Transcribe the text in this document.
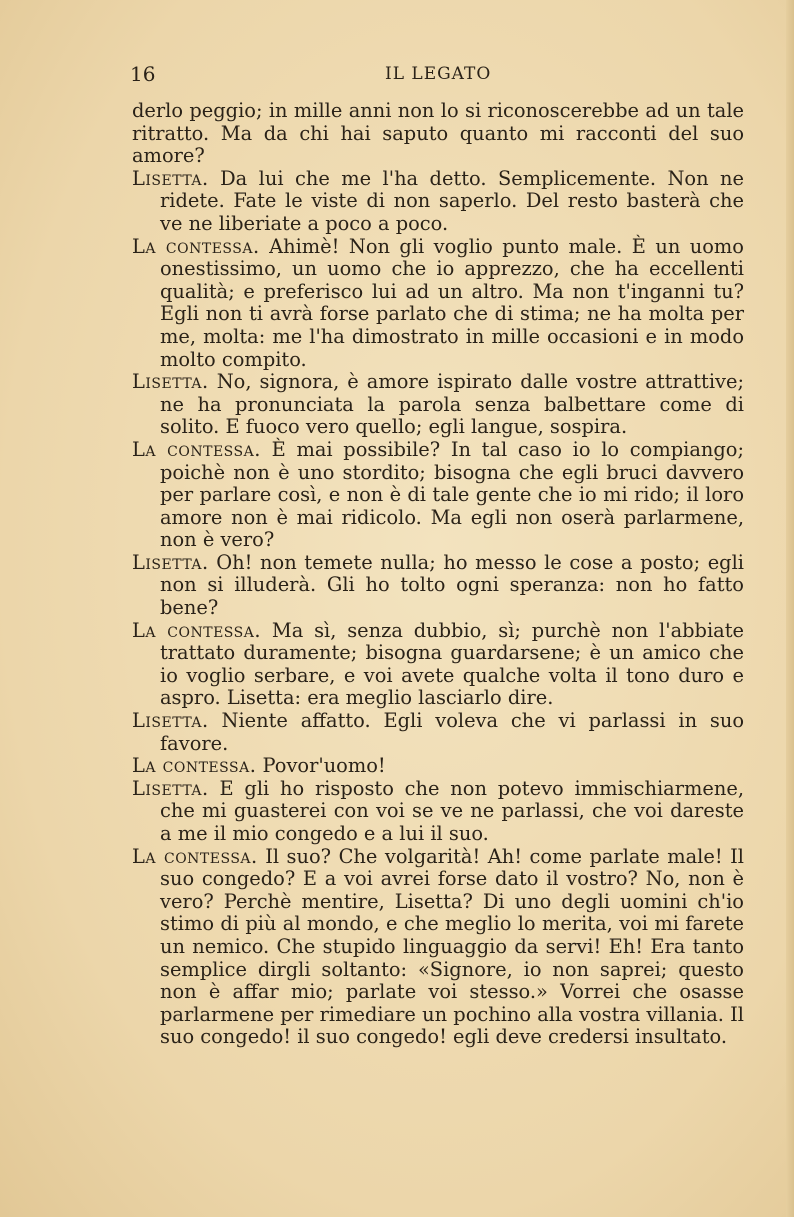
16	IL LEGATO

derlo peggio; in mille anni non lo si riconoscerebbe ad un tale ritratto. Ma da chi hai saputo quanto mi racconti del suo amore?

Lisetta. Da lui che me l'ha detto. Semplicemente. Non ne ridete. Fate le viste di non saperlo. Del resto basterà che ve ne liberiate a poco a poco.

La contessa. Ahimè! Non gli voglio punto male. È un uomo onestissimo, un uomo che io apprezzo, che ha eccellenti qualità; e preferisco lui ad un altro. Ma non t'inganni tu? Egli non ti avrà forse parlato che di stima; ne ha molta per me, molta: me l'ha dimostrato in mille occasioni e in modo molto compito.

Lisetta. No, signora, è amore ispirato dalle vostre attrattive; ne ha pronunciata la parola senza balbettare come di solito. E fuoco vero quello; egli langue, sospira.

La contessa. È mai possibile? In tal caso io lo compiango; poichè non è uno stordito; bisogna che egli bruci davvero per parlare così, e non è di tale gente che io mi rido; il loro amore non è mai ridicolo. Ma egli non oserà parlarmene, non è vero?

Lisetta. Oh! non temete nulla; ho messo le cose a posto; egli non si illuderà. Gli ho tolto ogni speranza: non ho fatto bene?

La contessa. Ma sì, senza dubbio, sì; purchè non l'abbiate trattato duramente; bisogna guardarsene; è un amico che io voglio serbare, e voi avete qualche volta il tono duro e aspro. Lisetta: era meglio lasciarlo dire.

Lisetta. Niente affatto. Egli voleva che vi parlassi in suo favore.

La contessa. Povor'uomo!

Lisetta. E gli ho risposto che non potevo immischiarmene, che mi guasterei con voi se ve ne parlassi, che voi dareste a me il mio congedo e a lui il suo.

La contessa. Il suo? Che volgarità! Ah! come parlate male! Il suo congedo? E a voi avrei forse dato il vostro? No, non è vero? Perchè mentire, Lisetta? Di uno degli uomini ch'io stimo di più al mondo, e che meglio lo merita, voi mi farete un nemico. Che stupido linguaggio da servi! Eh! Era tanto semplice dirgli soltanto: «Signore, io non saprei; questo non è affar mio; parlate voi stesso.» Vorrei che osasse parlarmene per rimediare un pochino alla vostra villania. Il suo congedo! il suo congedo! egli deve credersi insultato.
